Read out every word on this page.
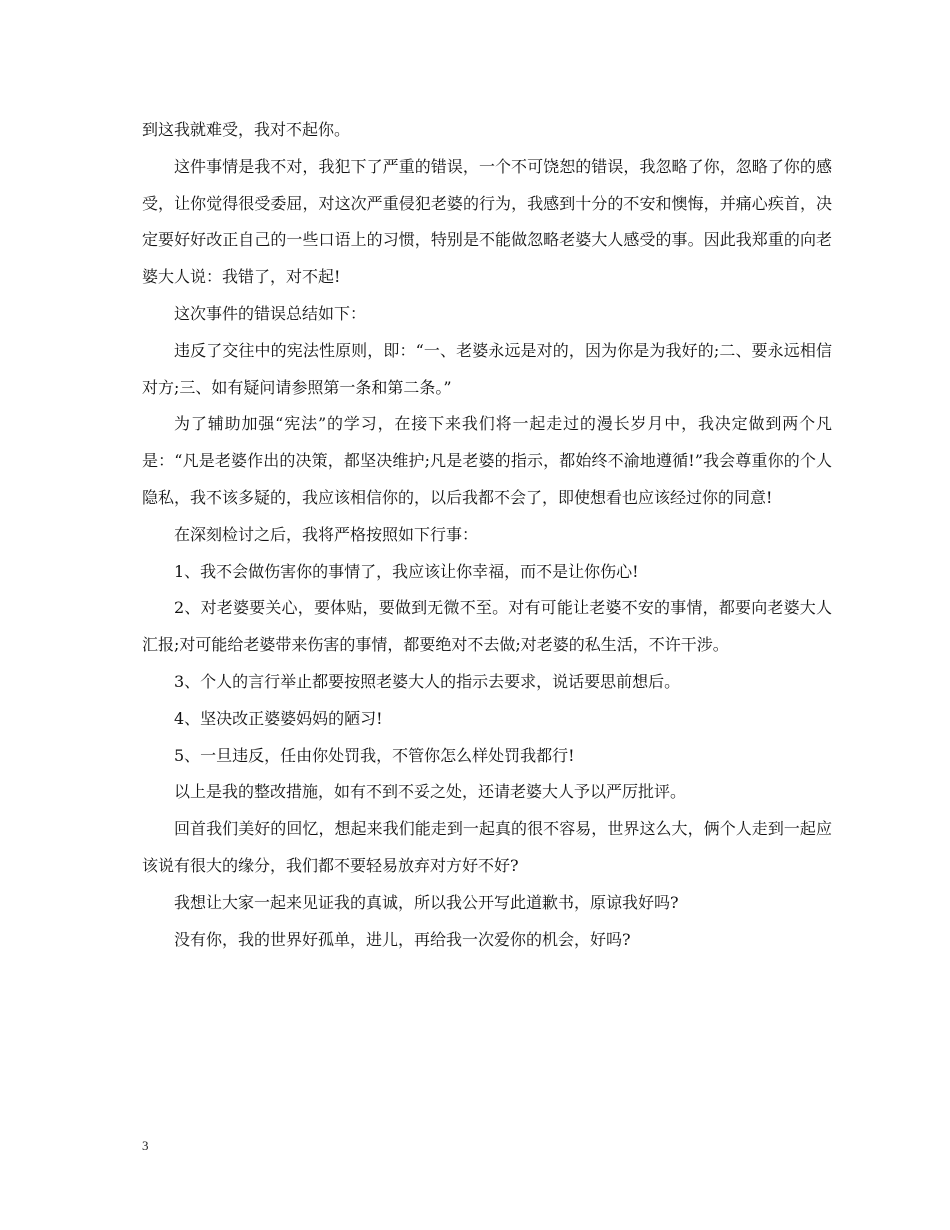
到这我就难受，我对不起你。

这件事情是我不对，我犯下了严重的错误，一个不可饶恕的错误，我忽略了你，忽略了你的感受，让你觉得很受委屈，对这次严重侵犯老婆的行为，我感到十分的不安和懊悔，并痛心疾首，决定要好好改正自己的一些口语上的习惯，特别是不能做忽略老婆大人感受的事。因此我郑重的向老婆大人说：我错了，对不起!

这次事件的错误总结如下：

违反了交往中的宪法性原则，即：“一、老婆永远是对的，因为你是为我好的;二、要永远相信对方;三、如有疑问请参照第一条和第二条。”

为了辅助加强“宪法”的学习，在接下来我们将一起走过的漫长岁月中，我决定做到两个凡是：“凡是老婆作出的决策，都坚决维护;凡是老婆的指示，都始终不渝地遵循!”我会尊重你的个人隐私，我不该多疑的，我应该相信你的，以后我都不会了，即使想看也应该经过你的同意!

在深刻检讨之后，我将严格按照如下行事：

1、我不会做伤害你的事情了，我应该让你幸福，而不是让你伤心!

2、对老婆要关心，要体贴，要做到无微不至。对有可能让老婆不安的事情，都要向老婆大人汇报;对可能给老婆带来伤害的事情，都要绝对不去做;对老婆的私生活，不许干涉。

3、个人的言行举止都要按照老婆大人的指示去要求，说话要思前想后。

4、坚决改正婆婆妈妈的陋习!

5、一旦违反，任由你处罚我，不管你怎么样处罚我都行!

以上是我的整改措施，如有不到不妥之处，还请老婆大人予以严厉批评。

回首我们美好的回忆，想起来我们能走到一起真的很不容易，世界这么大，俩个人走到一起应该说有很大的缘分，我们都不要轻易放弃对方好不好?

我想让大家一起来见证我的真诚，所以我公开写此道歉书，原谅我好吗?

没有你，我的世界好孤单，进儿，再给我一次爱你的机会，好吗?

3
